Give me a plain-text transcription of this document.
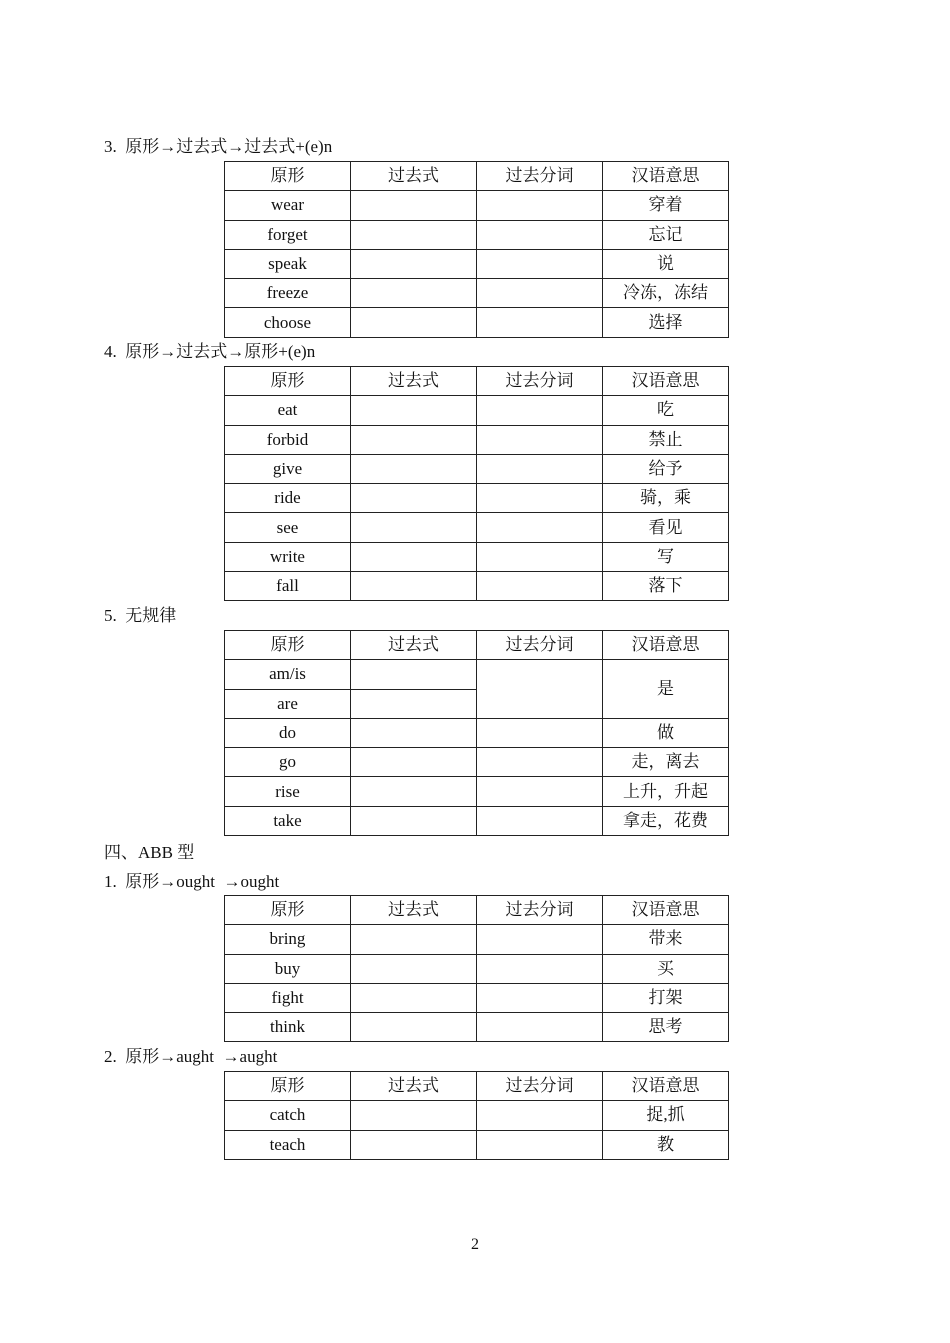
3.  原形→过去式→过去式+(e)n
原形	过去式	过去分词	汉语意思
wear			穿着
forget			忘记
speak			说
freeze			冷冻，冻结
choose			选择
4.  原形→过去式→原形+(e)n
原形	过去式	过去分词	汉语意思
eat			吃
forbid			禁止
give			给予
ride			骑，乘
see			看见
write			写
fall			落下
5.  无规律
原形	过去式	过去分词	汉语意思
am/is			是
are			
do			做
go			走，离去
rise			上升，升起
take			拿走，花费
四、ABB 型
1.  原形→ought  →ought
原形	过去式	过去分词	汉语意思
bring			带来
buy			买
fight			打架
think			思考
2.  原形→aught  →aught
原形	过去式	过去分词	汉语意思
catch			捉,抓
teach			教
2
